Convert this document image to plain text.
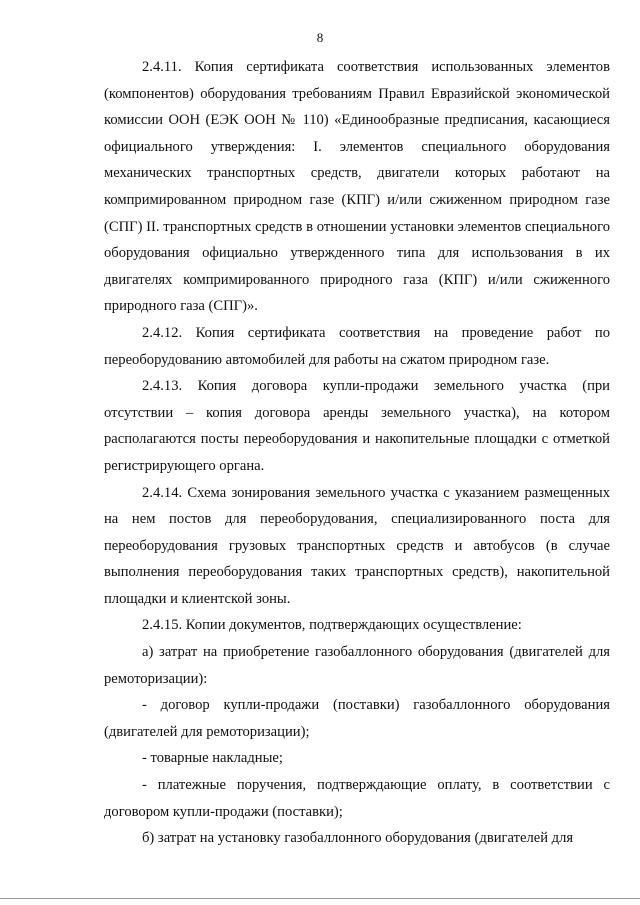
8

2.4.11. Копия сертификата соответствия использованных элементов (компонентов) оборудования требованиям Правил Евразийской экономической комиссии ООН (ЕЭК ООН № 110) «Единообразные предписания, касающиеся официального утверждения: I. элементов специального оборудования механических транспортных средств, двигатели которых работают на компримированном природном газе (КПГ) и/или сжиженном природном газе (СПГ) II. транспортных средств в отношении установки элементов специального оборудования официально утвержденного типа для использования в их двигателях компримированного природного газа (КПГ) и/или сжиженного природного газа (СПГ)».

2.4.12. Копия сертификата соответствия на проведение работ по переоборудованию автомобилей для работы на сжатом природном газе.

2.4.13. Копия договора купли-продажи земельного участка (при отсутствии – копия договора аренды земельного участка), на котором располагаются посты переоборудования и накопительные площадки с отметкой регистрирующего органа.

2.4.14. Схема зонирования земельного участка с указанием размещенных на нем постов для переоборудования, специализированного поста для переоборудования грузовых транспортных средств и автобусов (в случае выполнения переоборудования таких транспортных средств), накопительной площадки и клиентской зоны.

2.4.15. Копии документов, подтверждающих осуществление:

а) затрат на приобретение газобаллонного оборудования (двигателей для ремоторизации):

- договор купли-продажи (поставки) газобаллонного оборудования (двигателей для ремоторизации);

- товарные накладные;

- платежные поручения, подтверждающие оплату, в соответствии с договором купли-продажи (поставки);

б) затрат на установку газобаллонного оборудования (двигателей для
